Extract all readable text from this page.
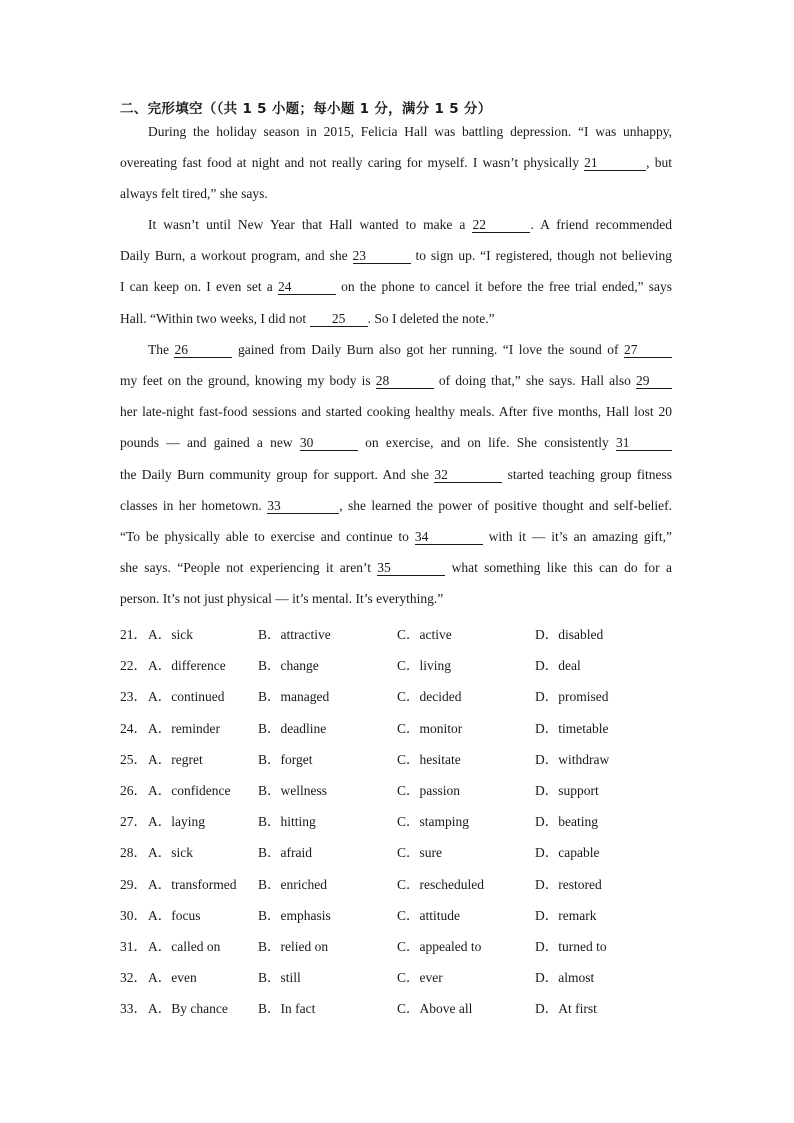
二、完形填空（（共 1 5 小题；每小题 1 分，满分 1 5 分）
During the holiday season in 2015, Felicia Hall was battling depression. “I was unhappy,
overeating fast food at night and not really caring for myself. I wasn’t physically 21	, but
always felt tired,” she says.
It wasn’t until New Year that Hall wanted to make a 22	. A friend recommended
Daily Burn, a workout program, and she 23	to sign up. “I registered, though not believing
I can keep on. I even set a 24	on the phone to cancel it before the free trial ended,” says
Hall. “Within two weeks, I did not 25 . So I deleted the note.”
The 26	gained from Daily Burn also got her running. “I love the sound of 27
my feet on the ground, knowing my body is 28	of doing that,” she says. Hall also 29
her late-night fast-food sessions and started cooking healthy meals. After five months, Hall lost 20
pounds — and gained a new 30	on exercise, and on life. She consistently 31
the Daily Burn community group for support. And she 32	started teaching group fitness
classes in her hometown. 33	, she learned the power of positive thought and self-belief.
“To be physically able to exercise and continue to 34	with it — it’s an amazing gift,”
she says. “People not experiencing it aren’t 35	what something like this can do for a
person. It’s not just physical — it’s mental. It’s everything.”
21． A．sick	B．attractive	C．active	D．disabled
22． A．difference B．change	C．living	D．deal
23． A．continued B．managed	C．decided	D．promised
24． A．reminder	B．deadline	C．monitor	D．timetable
25． A．regret	B．forget	C．hesitate	D．withdraw
26． A．confidence B．wellness	C．passion	D．support
27． A．laying	B．hitting	C．stamping	D．beating
28． A．sick	B．afraid	C．sure	D．capable
29． A．transformed B．enriched	C．rescheduled	D．restored
30． A．focus	B．emphasis	C．attitude	D．remark
31． A．called on	B．relied on	C．appealed to	D．turned to
32． A．even	B．still	C．ever	D．almost
33． A．By chance B．In fact	C．Above all	D．At first
